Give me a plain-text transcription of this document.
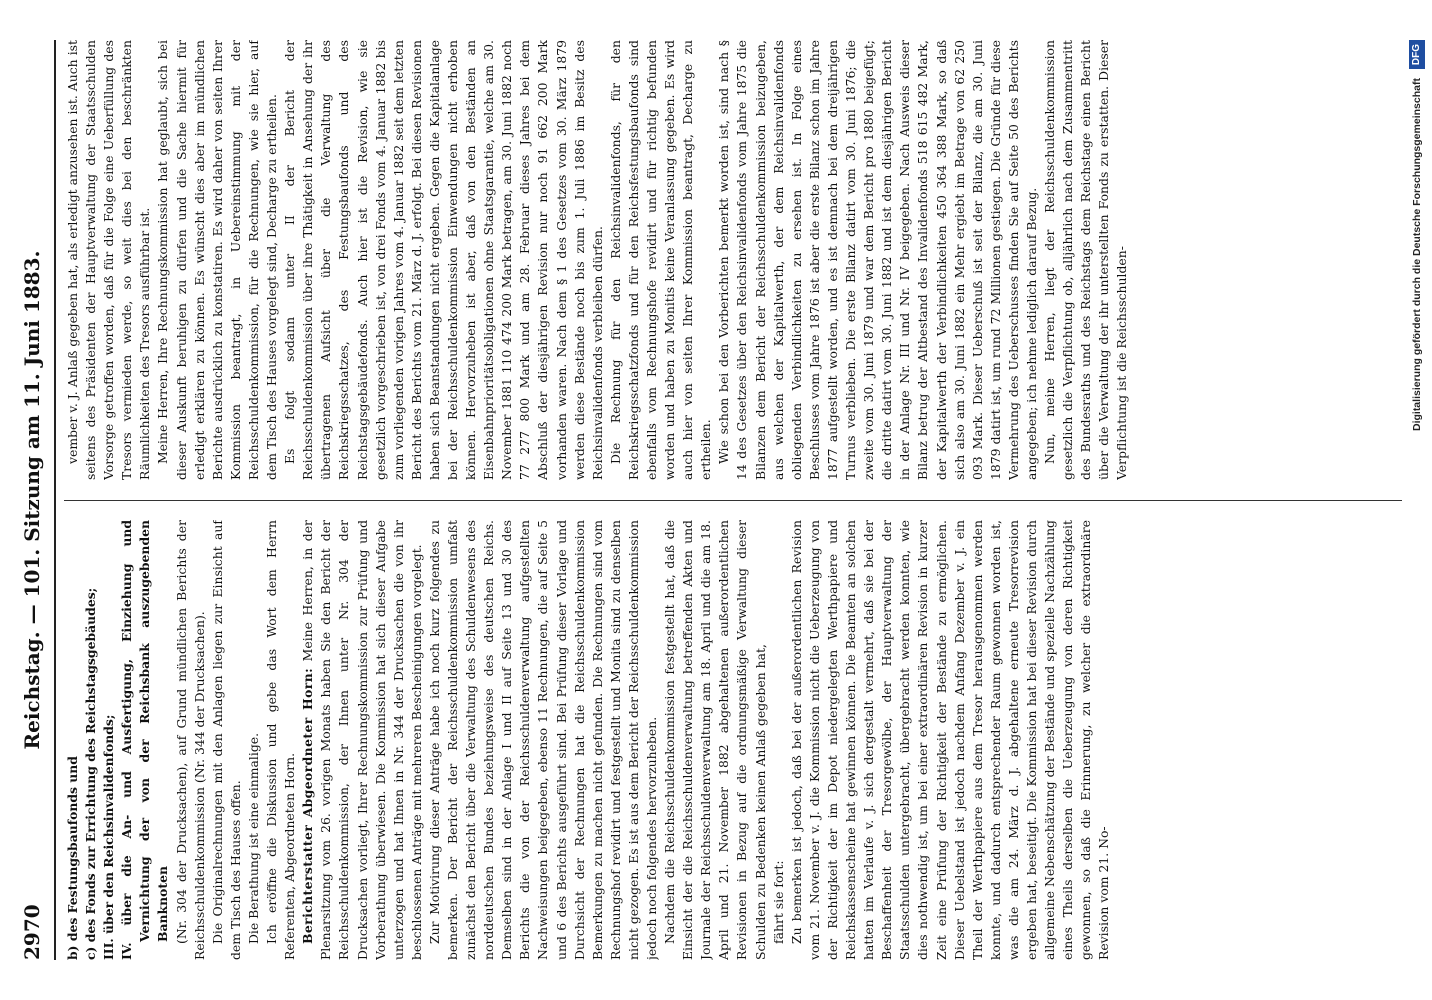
2970
Reichstag. — 101. Sitzung am 11. Juni 1883.

b) des Festungsbaufonds und c) des Fonds zur Errichtung des Reichstagsgebäudes; III. über den Reichsinvalidenfonds; IV. über die An- und Ausfertigung, Einziehung und Vernichtung der von der Reichsbank auszugebenden Banknoten (Nr. 304 der Drucksachen), auf Grund mündlichen Berichts der Reichsschuldenkommission (Nr. 344 der Drucksachen). Die Originalrechnungen mit den Anlagen liegen zur Einsicht auf dem Tisch des Hauses offen. Die Berathung ist eine einmalige. Ich eröffne die Diskussion und gebe das Wort dem Herrn Referenten, Abgeordneten Horn. Berichterstatter Abgeordneter Horn: Meine Herren, in der Plenarsitzung vom 26. vorigen Monats haben Sie den Bericht der Reichsschuldenkommission, der Ihnen unter Nr. 304 der Drucksachen vorliegt, Ihrer Rechnungskommission zur Prüfung und Vorberathung überwiesen. Die Kommission hat sich dieser Aufgabe unterzogen und hat Ihnen in Nr. 344 der Drucksachen die von ihr beschlossenen Anträge mit mehreren Bescheinigungen vorgelegt. Zur Motivirung dieser Anträge habe ich noch kurz folgendes zu bemerken. Der Bericht der Reichsschuldenkommission umfaßt zunächst den Bericht über die Verwaltung des Schuldenwesens des norddeutschen Bundes beziehungsweise des deutschen Reichs. Demselben sind in der Anlage I und II auf Seite 13 und 30 des Berichts die von der Reichsschuldenverwaltung aufgestellten Nachweisungen beigegeben, ebenso 11 Rechnungen, die auf Seite 5 und 6 des Berichts ausgeführt sind. Bei Prüfung dieser Vorlage und Durchsicht der Rechnungen hat die Reichsschuldenkommission Bemerkungen zu machen nicht gefunden. Die Rechnungen sind vom Rechnungshof revidirt und festgestellt und Monita sind zu denselben nicht gezogen. Es ist aus dem Bericht der Reichsschuldenkommission jedoch noch folgendes hervorzuheben. Nachdem die Reichsschuldenkommission festgestellt hat, daß die Einsicht der die Reichsschuldenverwaltung betreffenden Akten und Journale der Reichsschuldenverwaltung am 18. April und die am 18. April und 21. November 1882 abgehaltenen außerordentlichen Revisionen in Bezug auf die ordnungsmäßige Verwaltung dieser Schulden zu Bedenken keinen Anlaß gegeben hat, fährt sie fort: Zu bemerken ist jedoch, daß bei der außerordentlichen Revision vom 21. November v. J. die Kommission nicht die Ueberzeugung von der Richtigkeit der im Depot niedergelegten Werthpapiere und Reichskassenscheine hat gewinnen können. Die Beamten an solchen hatten im Verlaufe v. J. sich dergestalt vermehrt, daß sie bei der Beschaffenheit der Tresorgewölbe, der Hauptverwaltung der Staatsschulden untergebracht, übergebracht werden konnten, wie dies nothwendig ist, um bei einer extraordinären Revision in kurzer Zeit eine Prüfung der Richtigkeit der Bestände zu ermöglichen. Dieser Uebelstand ist jedoch nachdem Anfang Dezember v. J. ein Theil der Werthpapiere aus dem Tresor herausgenommen werden konnte, und dadurch entsprechender Raum gewonnen worden ist, was die am 24. März d. J. abgehaltene erneute Tresorrevision ergeben hat, beseitigt. Die Kommission hat bei dieser Revision durch allgemeine Nebenschätzung der Bestände und spezielle Nachzählung eines Theils derselben die Ueberzeugung von deren Richtigkeit gewonnen, so daß die Erinnerung, zu welcher die extraordinäre Revision vom 21. No-

vember v. J. Anlaß gegeben hat, als erledigt anzusehen ist. Auch ist seitens des Präsidenten der Hauptverwaltung der Staatsschulden Vorsorge getroffen worden, daß für die Folge eine Ueberfüllung des Tresors vermieden werde, so weit dies bei den beschränkten Räumlichkeiten des Tresors ausführbar ist. Meine Herren, Ihre Rechnungskommission hat geglaubt, sich bei dieser Auskunft beruhigen zu dürfen und die Sache hiermit für erledigt erklären zu können. Es wünscht dies aber im mündlichen Berichte ausdrücklich zu konstatiren. Es wird daher von seiten Ihrer Kommission beantragt, in Uebereinstimmung mit der Reichsschuldenkommission, für die Rechnungen, wie sie hier, auf dem Tisch des Hauses vorgelegt sind, Decharge zu ertheilen. Es folgt sodann unter II der Bericht der Reichsschuldenkommission über ihre Thätigkeit in Ansehung der ihr übertragenen Aufsicht über die Verwaltung des Reichskriegsschatzes, des Festungsbaufonds und des Reichstagsgebäudefonds. Auch hier ist die Revision, wie sie gesetzlich vorgeschrieben ist, von drei Fonds vom 4. Januar 1882 bis zum vorliegenden vorigen Jahres vom 4. Januar 1882 seit dem letzten Bericht des Berichts vom 21. März d. J. erfolgt. Bei diesen Revisionen haben sich Beanstandungen nicht ergeben. Gegen die Kapitalanlage bei der Reichsschuldenkommission Einwendungen nicht erhoben können. Hervorzuheben ist aber, daß von den Beständen an Eisenbahnprioritätsobligationen ohne Staatsgarantie, welche am 30. November 1881 110 474 200 Mark betragen, am 30. Juni 1882 noch 77 277 800 Mark und am 28. Februar dieses Jahres bei dem Abschluß der diesjährigen Revision nur noch 91 662 200 Mark vorhanden waren. Nach dem § 1 des Gesetzes vom 30. März 1879 werden diese Bestände noch bis zum 1. Juli 1886 im Besitz des Reichsinvalidenfonds verbleiben dürfen. Die Rechnung für den Reichsinvalidenfonds, für den Reichskriegsschatzfonds und für den Reichsfestungsbaufonds sind ebenfalls vom Rechnungshofe revidirt und für richtig befunden worden und haben zu Monitis keine Veranlassung gegeben. Es wird auch hier von seiten Ihrer Kommission beantragt, Decharge zu ertheilen. Wie schon bei den Vorberichten bemerkt worden ist, sind nach § 14 des Gesetzes über den Reichsinvalidenfonds vom Jahre 1875 die Bilanzen dem Bericht der Reichsschuldenkommission beizugeben, aus welchen der Kapitalwerth, der dem Reichsinvalidenfonds obliegenden Verbindlichkeiten zu ersehen ist. In Folge eines Beschlusses vom Jahre 1876 ist aber die erste Bilanz schon im Jahre 1877 aufgestellt worden, und es ist demnach bei dem dreijährigen Turnus verblieben. Die erste Bilanz datirt vom 30. Juni 1876; die zweite vom 30. Juni 1879 und war dem Bericht pro 1880 beigefügt; die dritte datirt vom 30. Juni 1882 und ist dem diesjährigen Bericht in der Anlage Nr. III und Nr. IV beigegeben. Nach Ausweis dieser Bilanz betrug der Altbestand des Invalidenfonds 518 615 482 Mark, der Kapitalwerth der Verbindlichkeiten 450 364 388 Mark, so daß sich also am 30. Juni 1882 ein Mehr ergiebt im Betrage von 62 250 093 Mark. Dieser Ueberschuß ist seit der Bilanz, die am 30. Juni 1879 datirt ist, um rund 72 Millionen gestiegen. Die Gründe für diese Vermehrung des Ueberschusses finden Sie auf Seite 50 des Berichts angegeben; ich nehme lediglich darauf Bezug. Nun, meine Herren, liegt der Reichsschuldenkommission gesetzlich die Verpflichtung ob, alljährlich nach dem Zusammentritt des Bundesraths und des Reichstags dem Reichstage einen Bericht über die Verwaltung der ihr unterstellten Fonds zu erstatten. Dieser Verpflichtung ist die Reichsschulden-	Digitalisierung gefördert durch die Deutsche Forschungsgemeinschaft DFG
